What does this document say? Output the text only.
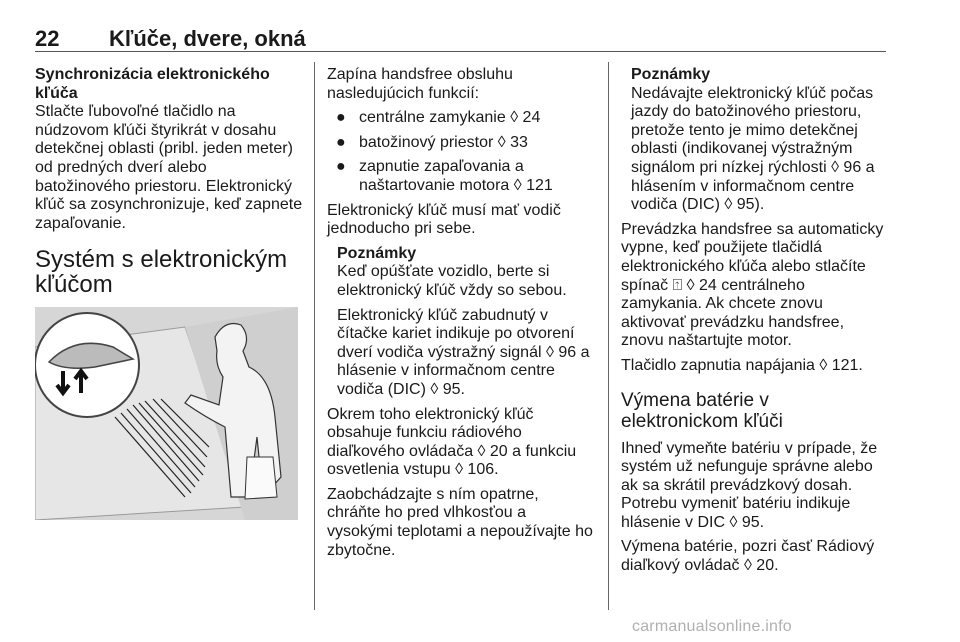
22 Kľúče, dvere, okná

Synchronizácia elektronického kľúča

Stlačte ľubovoľné tlačidlo na núdzovom kľúči štyrikrát v dosahu detekčnej oblasti (pribl. jeden meter) od predných dverí alebo batožinového priestoru. Elektronický kľúč sa zosynchronizuje, keď zapnete zapaľovanie.

Systém s elektronickým kľúčom

Zapína handsfree obsluhu nasledujúcich funkcií:

● centrálne zamykanie ◊ 24
● batožinový priestor ◊ 33
● zapnutie zapaľovania a naštartovanie motora ◊ 121

Elektronický kľúč musí mať vodič jednoducho pri sebe.

Poznámky

Keď opúšťate vozidlo, berte si elektronický kľúč vždy so sebou.

Elektronický kľúč zabudnutý v čítačke kariet indikuje po otvorení dverí vodiča výstražný signál ◊ 96 a hlásenie v informačnom centre vodiča (DIC) ◊ 95.

Okrem toho elektronický kľúč obsahuje funkciu rádiového diaľkového ovládača ◊ 20 a funkciu osvetlenia vstupu ◊ 106.

Zaobchádzajte s ním opatrne, chráňte ho pred vlhkosťou a vysokými teplotami a nepoužívajte ho zbytočne.

Poznámky

Nedávajte elektronický kľúč počas jazdy do batožinového priestoru, pretože tento je mimo detekčnej oblasti (indikovanej výstražným signálom pri nízkej rýchlosti ◊ 96 a hlásením v informačnom centre vodiča (DIC) ◊ 95).

Prevádzka handsfree sa automaticky vypne, keď použijete tlačidlá elektronického kľúča alebo stlačíte spínač ⍐ ◊ 24 centrálneho zamykania. Ak chcete znovu aktivovať prevádzku handsfree, znovu naštartujte motor.

Tlačidlo zapnutia napájania ◊ 121.

Výmena batérie v elektronickom kľúči

Ihneď vymeňte batériu v prípade, že systém už nefunguje správne alebo ak sa skrátil prevádzkový dosah. Potrebu vymeniť batériu indikuje hlásenie v DIC ◊ 95.

Výmena batérie, pozri časť Rádiový diaľkový ovládač ◊ 20.

carmanualsonline.info
